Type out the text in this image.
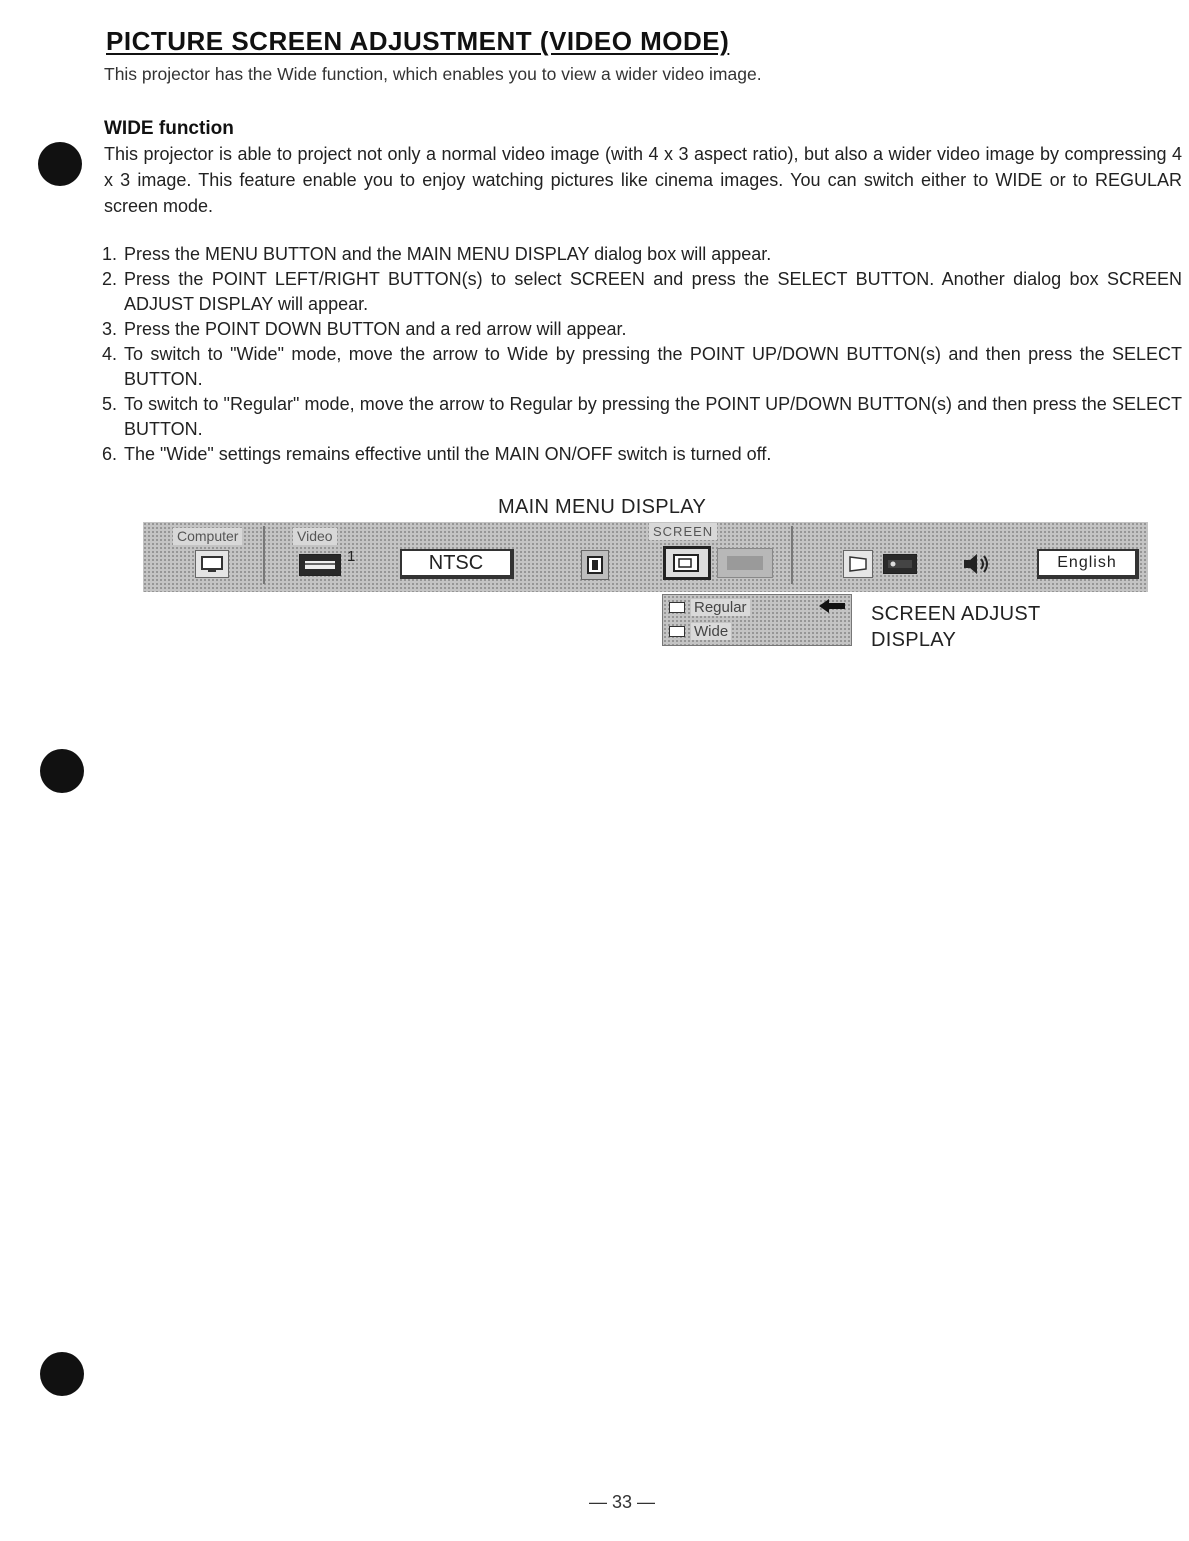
PICTURE SCREEN ADJUSTMENT (VIDEO MODE)
This projector has the Wide function, which enables you to view a wider video image.
WIDE function

This projector is able to project not only a normal video image (with 4 x 3 aspect ratio), but also a wider video image by compressing 4 x 3 image. This feature enable you to enjoy watching pictures like cinema images. You can switch either to WIDE or to REGULAR screen mode.

1. Press the MENU BUTTON and the MAIN MENU DISPLAY dialog box will appear.
2. Press the POINT LEFT/RIGHT BUTTON(s) to select SCREEN and press the SELECT BUTTON. Another dialog box SCREEN ADJUST DISPLAY will appear.
3. Press the POINT DOWN BUTTON and a red arrow will appear.
4. To switch to "Wide" mode, move the arrow to Wide by pressing the POINT UP/DOWN BUTTON(s) and then press the SELECT BUTTON.
5. To switch to "Regular" mode, move the arrow to Regular by pressing the POINT UP/DOWN BUTTON(s) and then press the SELECT BUTTON.
6. The "Wide" settings remains effective until the MAIN ON/OFF switch is turned off.
MAIN MENU DISPLAY
Computer	Video	SCREEN
1	NTSC	English
Regular
Wide
SCREEN ADJUST
DISPLAY
— 33 —
